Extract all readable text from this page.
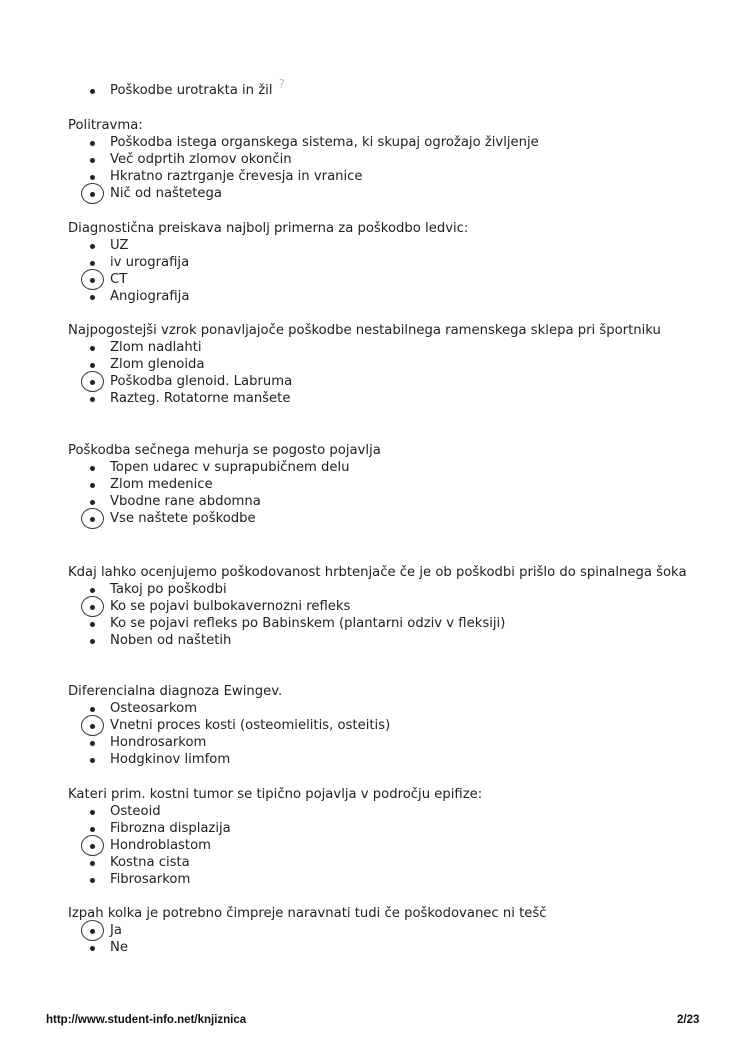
Poškodbe urotrakta in žil ?

Politravma:

Poškodba istega organskega sistema, ki skupaj ogrožajo življenje
Več odprtih zlomov okončin
Hkratno raztrganje črevesja in vranice
Nič od naštetega

Diagnostična preiskava najbolj primerna za poškodbo ledvic:

UZ
iv urografija
CT
Angiografija

Najpogostejši vzrok ponavljajoče poškodbe nestabilnega ramenskega sklepa pri športniku

Zlom nadlahti
Zlom glenoida
Poškodba glenoid. Labruma
Razteg. Rotatorne manšete

Poškodba sečnega mehurja se pogosto pojavlja

Topen udarec v suprapubičnem delu
Zlom medenice
Vbodne rane abdomna
Vse naštete poškodbe

Kdaj lahko ocenjujemo poškodovanost hrbtenjače če je ob poškodbi prišlo do spinalnega šoka

Takoj po poškodbi
Ko se pojavi bulbokavernozni refleks
Ko se pojavi refleks po Babinskem (plantarni odziv v fleksiji)
Noben od naštetih

Diferencialna diagnoza Ewingev.

Osteosarkom
Vnetni proces kosti (osteomielitis, osteitis)
Hondrosarkom
Hodgkinov limfom

Kateri prim. kostni tumor se tipično pojavlja v področju epifize:

Osteoid
Fibrozna displazija
Hondroblastom
Kostna cista
Fibrosarkom

Izpah kolka je potrebno čimpreje naravnati tudi če poškodovanec ni tešč

Ja
Ne
http://www.student-info.net/knjiznica	2/23
